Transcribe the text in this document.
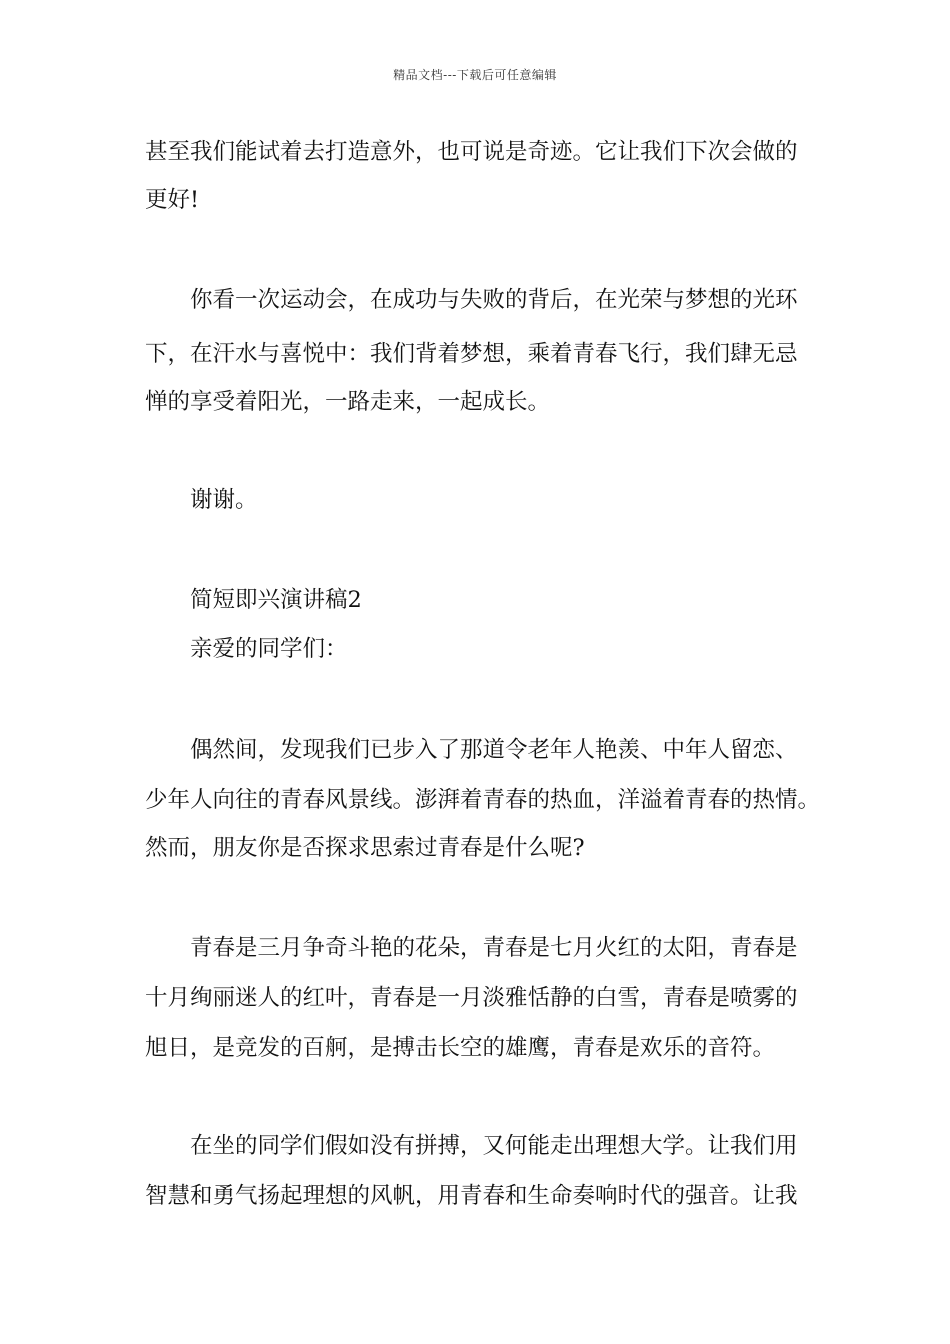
精品文档---下载后可任意编辑
甚至我们能试着去打造意外，也可说是奇迹。它让我们下次会做的
更好!
你看一次运动会，在成功与失败的背后，在光荣与梦想的光环
下，在汗水与喜悦中：我们背着梦想，乘着青春飞行，我们肆无忌
惮的享受着阳光，一路走来，一起成长。
谢谢。
简短即兴演讲稿2
亲爱的同学们：
偶然间，发现我们已步入了那道令老年人艳羡、中年人留恋、
少年人向往的青春风景线。澎湃着青春的热血，洋溢着青春的热情。
然而，朋友你是否探求思索过青春是什么呢?
青春是三月争奇斗艳的花朵，青春是七月火红的太阳，青春是
十月绚丽迷人的红叶，青春是一月淡雅恬静的白雪，青春是喷雾的
旭日，是竞发的百舸，是搏击长空的雄鹰，青春是欢乐的音符。
在坐的同学们假如没有拼搏，又何能走出理想大学。让我们用
智慧和勇气扬起理想的风帆，用青春和生命奏响时代的强音。让我
